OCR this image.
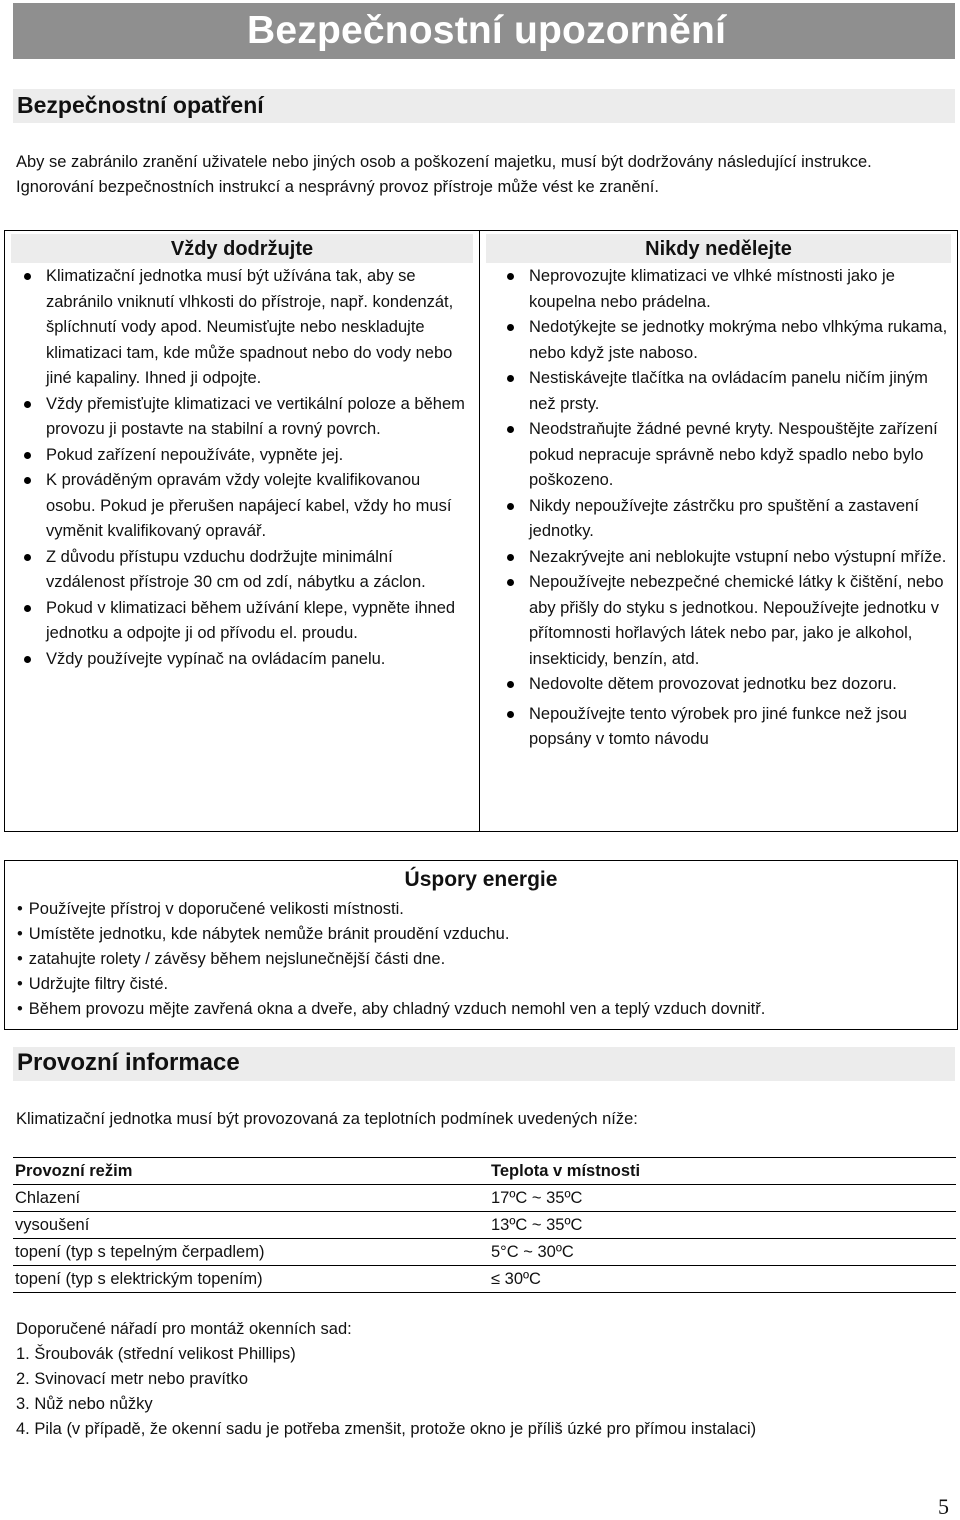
Bezpečnostní upozornění
Bezpečnostní opatření
Aby se zabránilo zranění uživatele nebo jiných osob a poškození majetku, musí být dodržovány následující instrukce. Ignorování bezpečnostních instrukcí a nesprávný provoz přístroje může vést ke zranění.
Vždy dodržujte
Klimatizační jednotka musí být užívána tak, aby se zabránilo vniknutí vlhkosti do přístroje, např. kondenzát, šplíchnutí vody apod. Neumisťujte nebo neskladujte klimatizaci tam, kde může spadnout nebo do vody nebo jiné kapaliny. Ihned ji odpojte.
Vždy přemisťujte klimatizaci ve vertikální poloze a během provozu ji postavte na stabilní a rovný povrch.
Pokud zařízení nepoužíváte, vypněte jej.
K prováděným opravám vždy volejte kvalifikovanou osobu. Pokud je přerušen napájecí kabel, vždy ho musí vyměnit kvalifikovaný opravář.
Z důvodu přístupu vzduchu dodržujte minimální vzdálenost přístroje 30 cm od zdí, nábytku a záclon.
Pokud v klimatizaci během užívání klepe, vypněte ihned jednotku a odpojte ji od přívodu el. proudu.
Vždy používejte vypínač na ovládacím panelu.
Nikdy nedělejte
Neprovozujte klimatizaci ve vlhké místnosti jako je koupelna nebo prádelna.
Nedotýkejte se jednotky mokrýma nebo vlhkýma rukama, nebo když jste naboso.
Nestiskávejte tlačítka na ovládacím panelu ničím jiným než prsty.
Neodstraňujte žádné pevné kryty. Nespouštějte zařízení pokud nepracuje správně nebo když spadlo nebo bylo poškozeno.
Nikdy nepoužívejte zástrčku pro spuštění a zastavení jednotky.
Nezakrývejte ani neblokujte vstupní nebo výstupní mříže.
Nepoužívejte nebezpečné chemické látky k čištění, nebo aby přišly do styku s jednotkou. Nepoužívejte jednotku v přítomnosti hořlavých látek nebo par, jako je alkohol, insekticidy, benzín, atd.
Nedovolte dětem provozovat jednotku bez dozoru.
Nepoužívejte tento výrobek pro jiné funkce než jsou popsány v tomto návodu
Úspory energie
• Používejte přístroj v doporučené velikosti místnosti.
• Umístěte jednotku, kde nábytek nemůže bránit proudění vzduchu.
• zatahujte rolety / závěsy během nejslunečnější části dne.
• Udržujte filtry čisté.
• Během provozu mějte zavřená okna a dveře, aby chladný vzduch nemohl ven a teplý vzduch dovnitř.
Provozní informace
Klimatizační jednotka musí být provozovaná za teplotních podmínek uvedených níže:
Provozní režim	Teplota v místnosti
Chlazení	17ºC ~ 35ºC
vysoušení	13ºC ~ 35ºC
topení (typ s tepelným čerpadlem)	5°C ~ 30ºC
topení (typ s elektrickým topením)	≤ 30ºC
Doporučené nářadí pro montáž okenních sad:
1. Šroubovák (střední velikost Phillips)
2. Svinovací metr nebo pravítko
3. Nůž nebo nůžky
4. Pila (v případě, že okenní sadu je potřeba zmenšit, protože okno je příliš úzké pro přímou instalaci)
5
